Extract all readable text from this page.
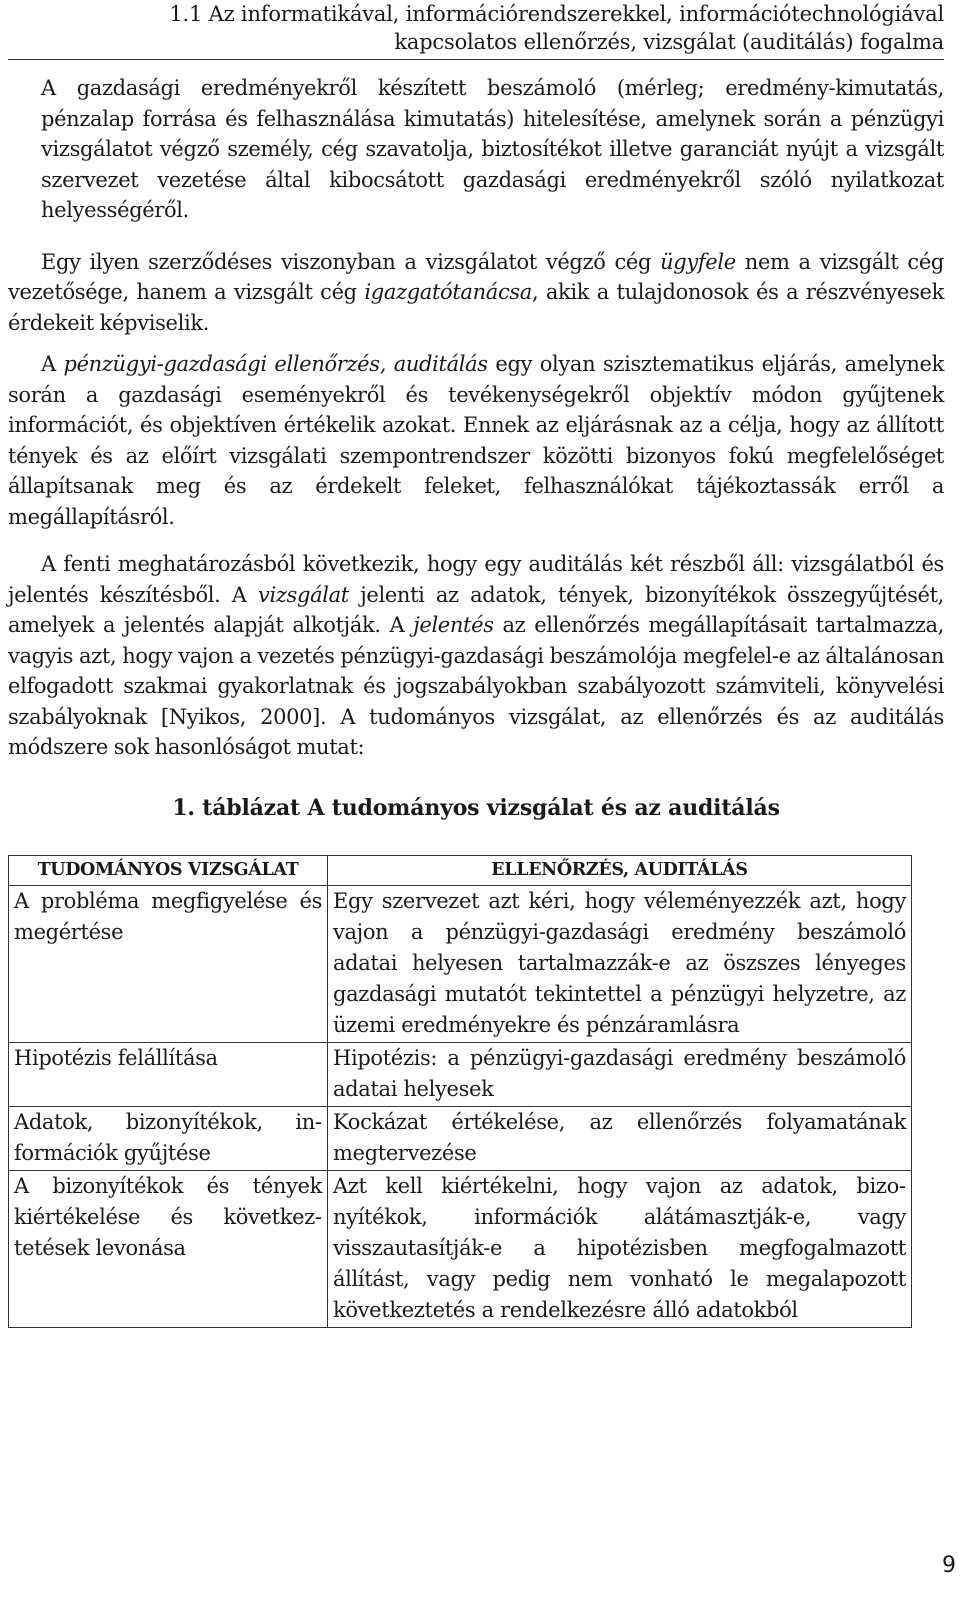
1.1 Az informatikával, információrendszerekkel, információtechnológiával
kapcsolatos ellenőrzés, vizsgálat (auditálás) fogalma

A gazdasági eredményekről készített beszámoló (mérleg; eredmény-kimutatás, pénzalap forrása és felhasználása kimutatás) hitelesítése, amelynek során a pénzügyi vizsgálatot végző személy, cég szavatolja, biztosítékot illetve garanciát nyújt a vizsgált szervezet vezetése által kibocsátott gazdasági eredményekről szóló nyilatkozat helyességéről.

Egy ilyen szerződéses viszonyban a vizsgálatot végző cég ügyfele nem a vizsgált cég vezetősége, hanem a vizsgált cég igazgatótanácsa, akik a tulajdonosok és a részvényesek érdekeit képviselik.

A pénzügyi-gazdasági ellenőrzés, auditálás egy olyan szisztematikus eljárás, amelynek során a gazdasági eseményekről és tevékenységekről objektív módon gyűjtenek információt, és objektíven értékelik azokat. Ennek az eljárásnak az a célja, hogy az állított tények és az előírt vizsgálati szempontrendszer közötti bizonyos fokú megfelelőséget állapítsanak meg és az érdekelt feleket, felhasználókat tájékoztassák erről a megállapításról.

A fenti meghatározásból következik, hogy egy auditálás két részből áll: vizsgálatból és jelentés készítésből. A vizsgálat jelenti az adatok, tények, bizonyítékok összegyűjtését, amelyek a jelentés alapját alkotják. A jelentés az ellenőrzés megállapításait tartalmazza, vagyis azt, hogy vajon a vezetés pénzügyi-gazdasági beszámolója megfelel-e az általánosan elfogadott szakmai gyakorlatnak és jogszabályokban szabályozott számviteli, könyvelési szabályoknak [Nyikos, 2000]. A tudományos vizsgálat, az ellenőrzés és az auditálás módszere sok hasonlóságot mutat:

1. táblázat A tudományos vizsgálat és az auditálás
TUDOMÁNYOS VIZSGÁLAT	ELLENŐRZÉS, AUDITÁLÁS
A probléma megfigyelése és megértése	Egy szervezet azt kéri, hogy véleményezzék azt, hogy vajon a pénzügyi-gazdasági eredmény beszámoló adatai helyesen tartalmazzák-e az öszszes lényeges gazdasági mutatót tekintettel a pénzügyi helyzetre, az üzemi eredményekre és pénzáramlásra
Hipotézis felállítása	Hipotézis: a pénzügyi-gazdasági eredmény beszámoló adatai helyesek
Adatok, bizonyítékok, információk gyűjtése	Kockázat értékelése, az ellenőrzés folyamatának megtervezése
A bizonyítékok és tények kiértékelése és következtetések levonása	Azt kell kiértékelni, hogy vajon az adatok, bizonyítékok, információk alátámasztják-e, vagy visszautasítják-e a hipotézisben megfogalmazott állítást, vagy pedig nem vonható le megalapozott következtetés a rendelkezésre álló adatokból
9
